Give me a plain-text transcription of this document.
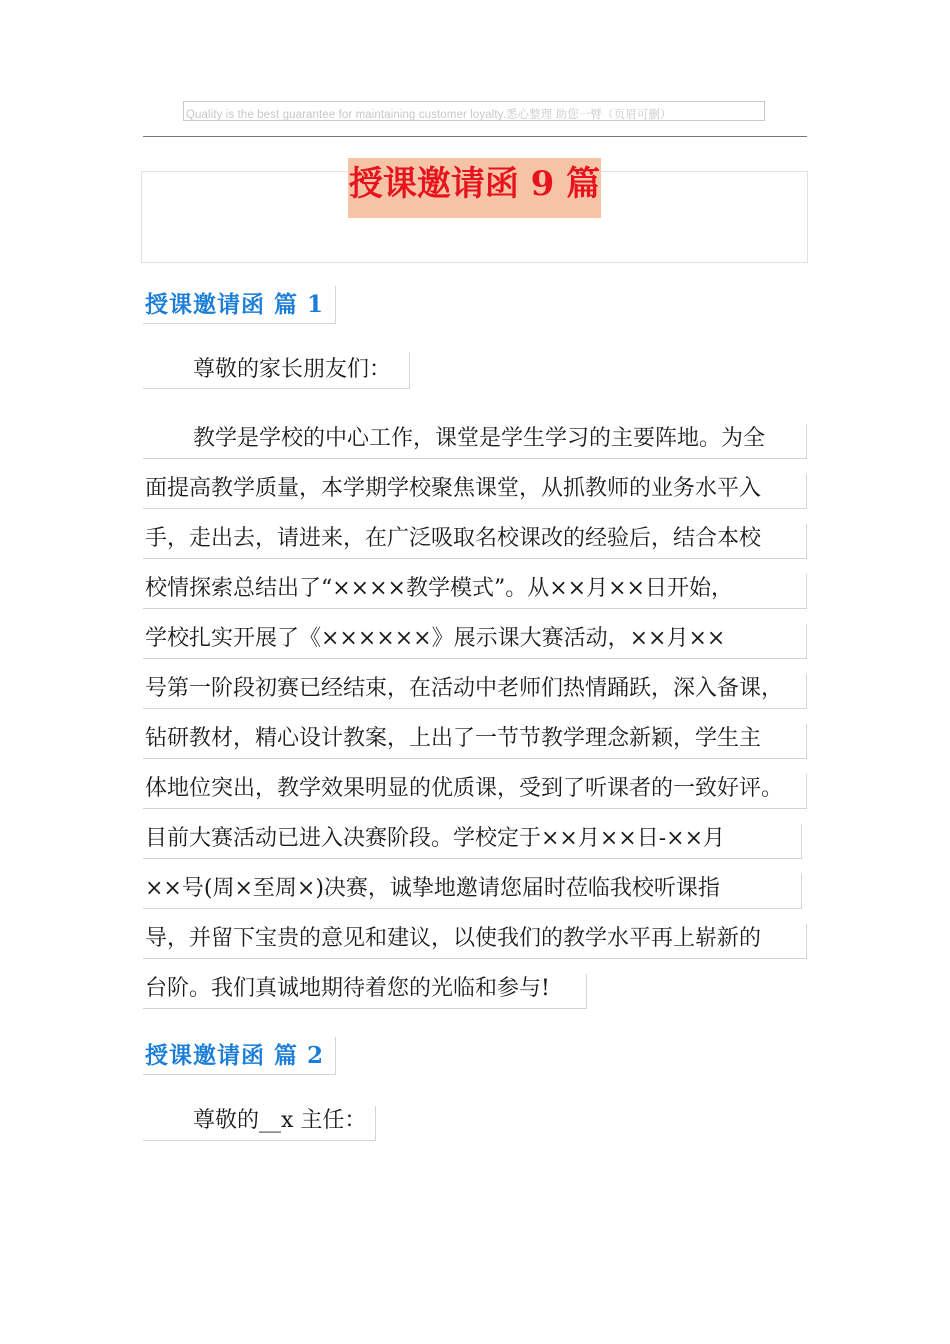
Quality is the best guarantee for maintaining customer loyalty.悉心整理 助您一臂（页眉可删）
授课邀请函 9 篇
授课邀请函 篇 1
尊敬的家长朋友们：
教学是学校的中心工作，课堂是学生学习的主要阵地。为全
面提高教学质量，本学期学校聚焦课堂，从抓教师的业务水平入
手，走出去，请进来，在广泛吸取名校课改的经验后，结合本校
校情探索总结出了“××××教学模式”。从××月××日开始，
学校扎实开展了《××××××》展示课大赛活动，××月××
号第一阶段初赛已经结束，在活动中老师们热情踊跃，深入备课，
钻研教材，精心设计教案，上出了一节节教学理念新颖，学生主
体地位突出，教学效果明显的优质课，受到了听课者的一致好评。
目前大赛活动已进入决赛阶段。学校定于××月××日-××月
××号(周×至周×)决赛，诚挚地邀请您届时莅临我校听课指
导，并留下宝贵的意见和建议，以使我们的教学水平再上崭新的
台阶。我们真诚地期待着您的光临和参与!
授课邀请函 篇 2
尊敬的__x 主任：
